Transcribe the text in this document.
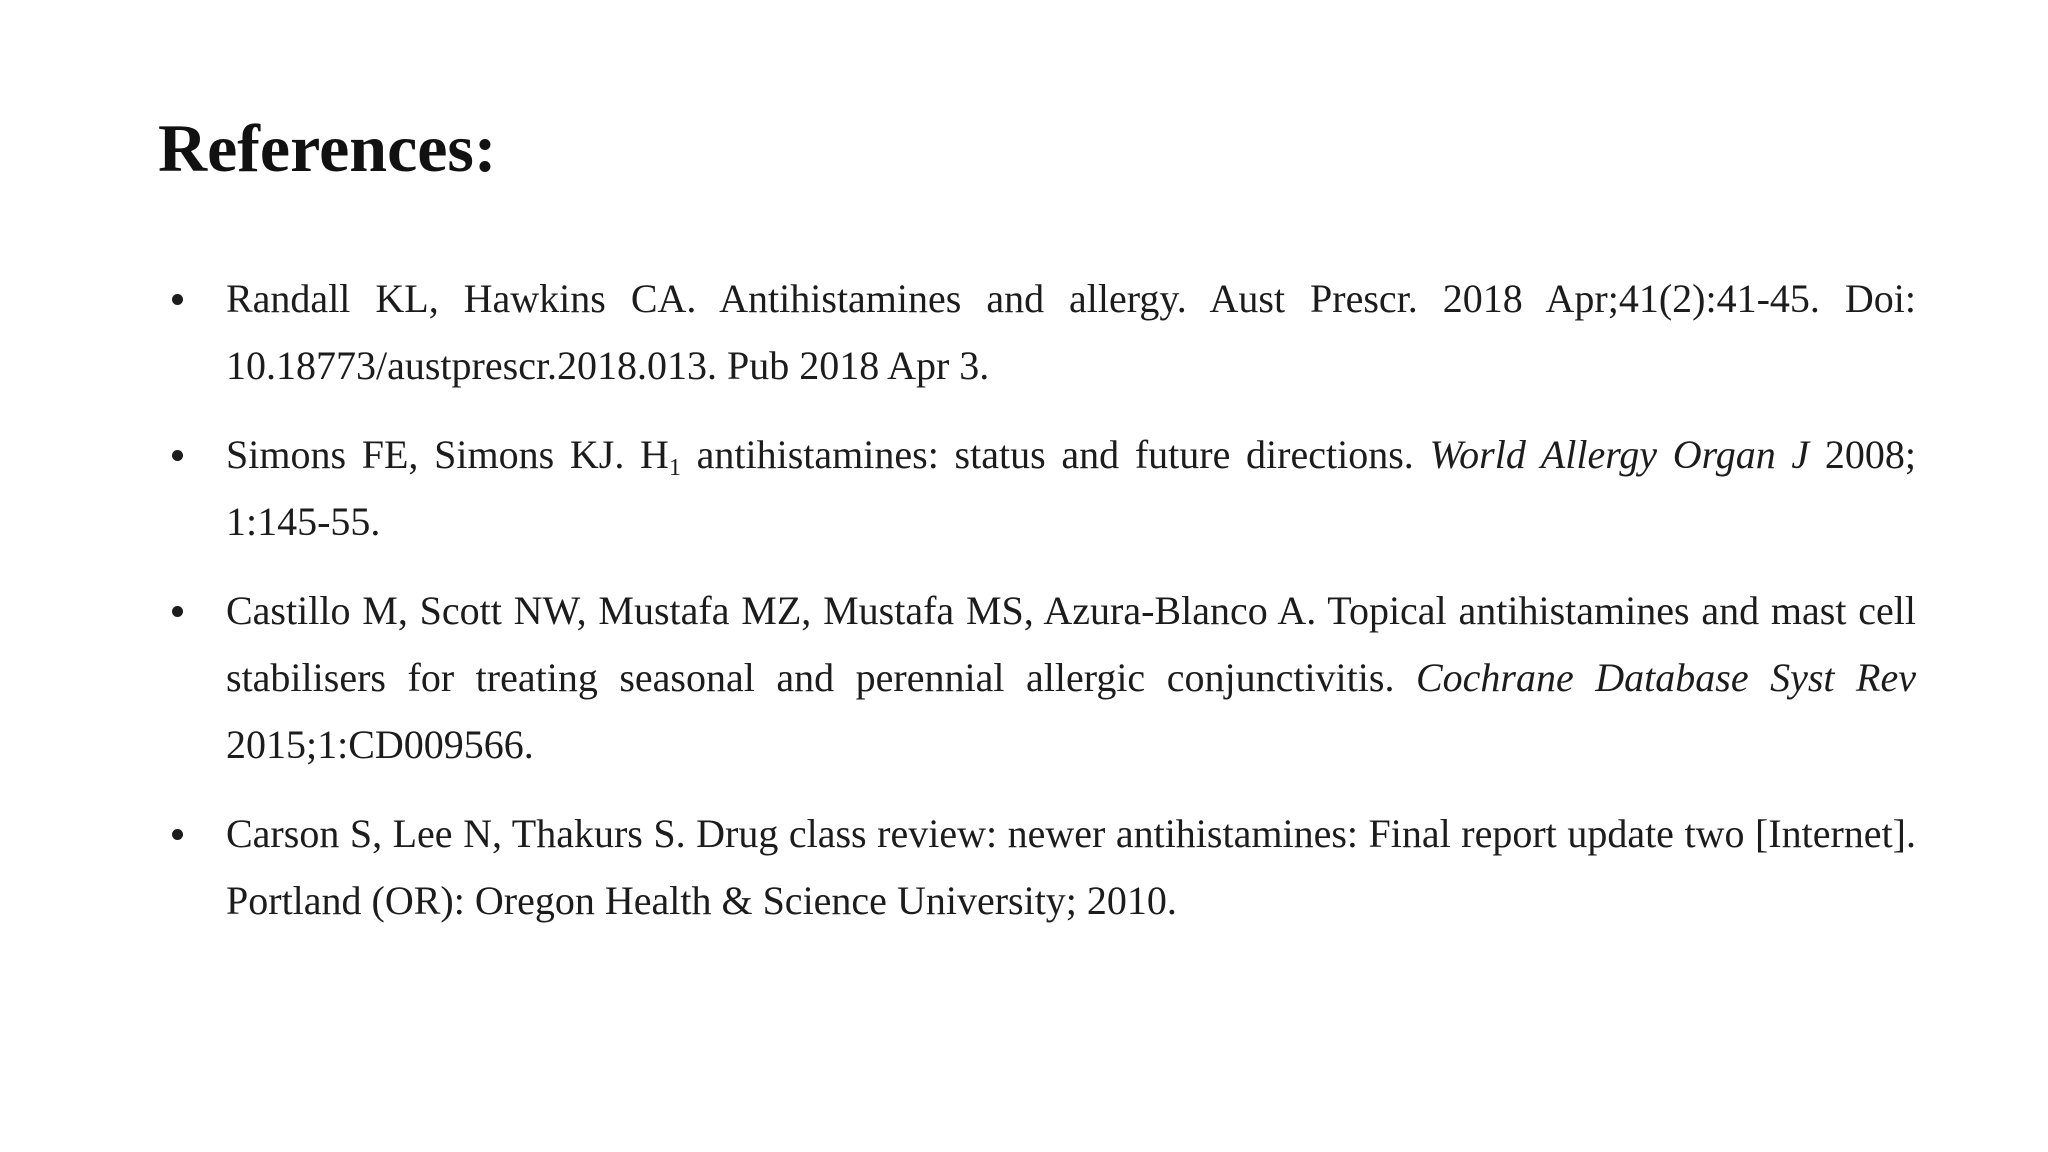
References:
Randall KL, Hawkins CA. Antihistamines and allergy. Aust Prescr. 2018 Apr;41(2):41-45. Doi: 10.18773/austprescr.2018.013. Pub 2018 Apr 3.
Simons FE, Simons KJ. $H_1$ antihistamines: status and future directions. World Allergy Organ J 2008; 1:145-55.
Castillo M, Scott NW, Mustafa MZ, Mustafa MS, Azura-Blanco A. Topical antihistamines and mast cell stabilisers for treating seasonal and perennial allergic conjunctivitis. Cochrane Database Syst Rev 2015;1:CD009566.
Carson S, Lee N, Thakurs S. Drug class review: newer antihistamines: Final report update two [Internet]. Portland (OR): Oregon Health & Science University; 2010.
